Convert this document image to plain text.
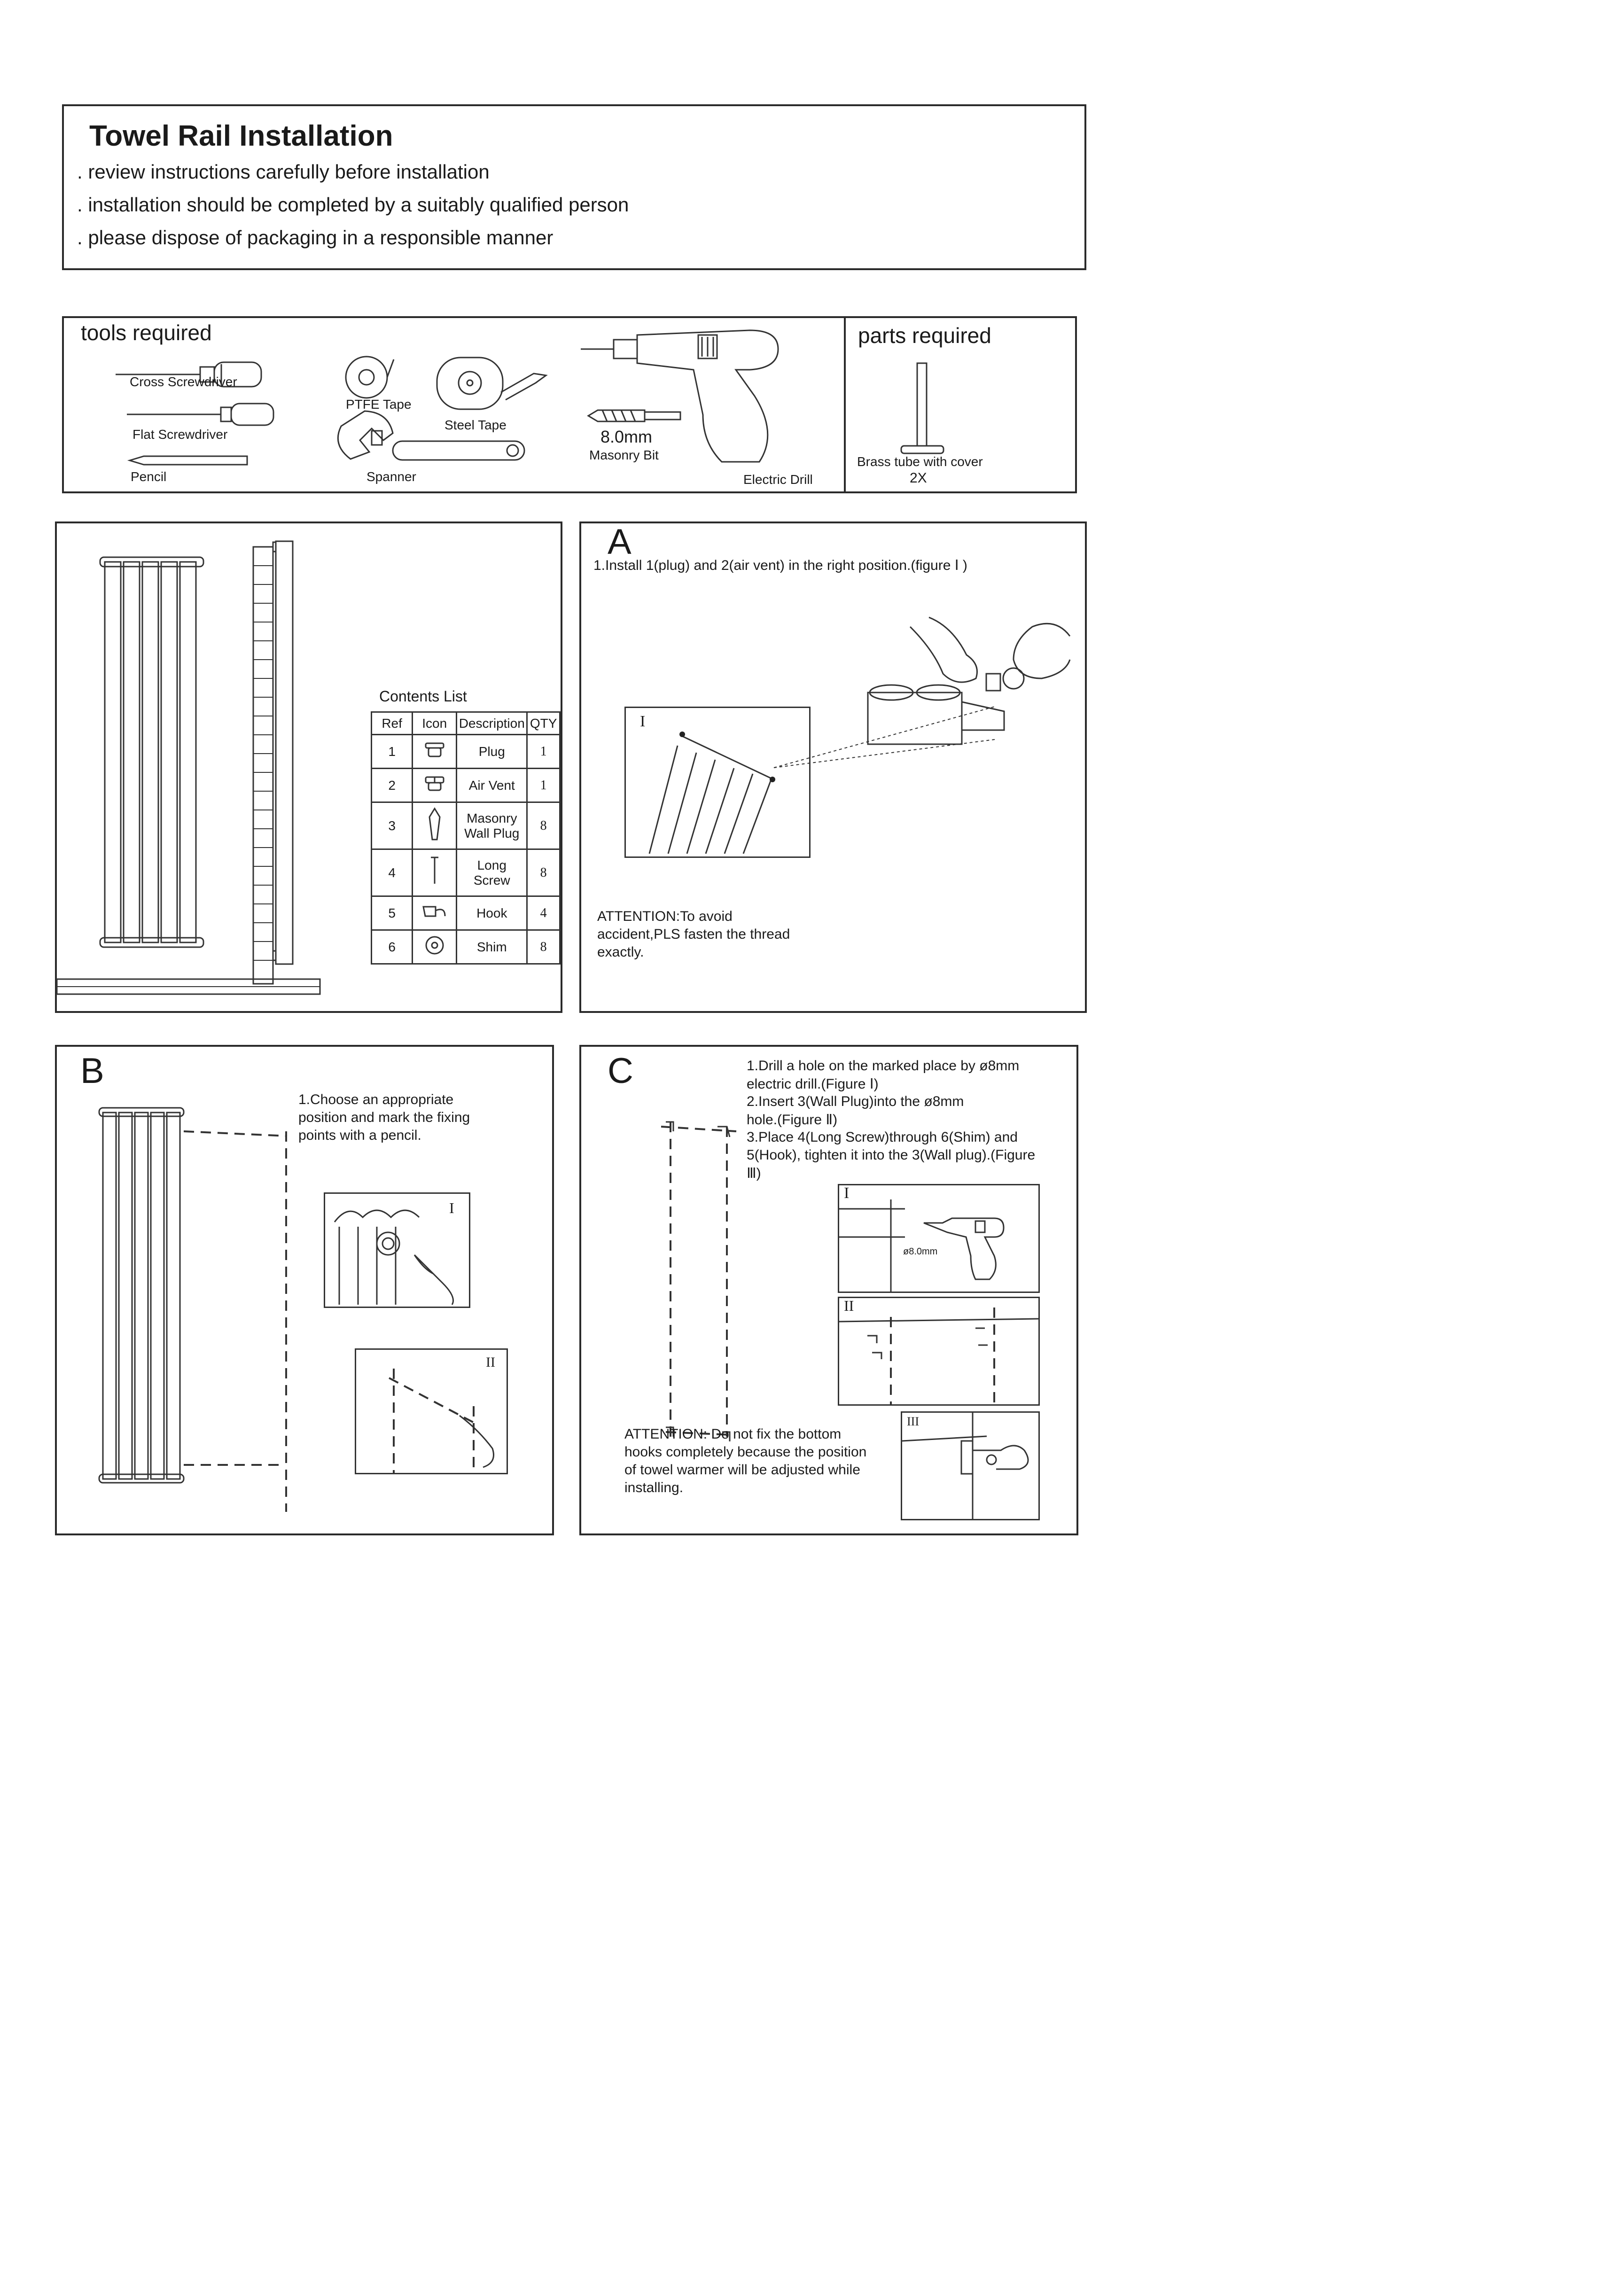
Towel Rail Installation
. review instructions carefully before installation
. installation should be completed by a suitably qualified person
. please dispose of packaging in a responsible manner
tools required
Cross Screwdriver
Flat Screwdriver
Pencil
PTFE Tape
Spanner
Steel Tape
8.0mm
Masonry Bit
Electric Drill
parts required
Brass tube with cover
2X
Contents List
Ref	Icon	Description	QTY
1		Plug	1
2		Air Vent	1
3		Masonry Wall Plug	8
4		Long Screw	8
5		Hook	4
6		Shim	8
A
1.Install 1(plug) and 2(air vent) in the right position.(figure Ⅰ )
I
ATTENTION:To avoid
accident,PLS fasten the thread
exactly.
B
1.Choose an appropriate
position and mark the fixing
points with a pencil.
I
II
C	1.Drill a hole on the marked place by ø8mm
electric drill.(Figure Ⅰ)
2.Insert 3(Wall Plug)into the ø8mm
hole.(Figure Ⅱ)
3.Place 4(Long Screw)through 6(Shim) and
5(Hook), tighten it into the 3(Wall plug).(Figure
Ⅲ)
I
ø8.0mm
II
III
ATTENTION: Do not fix the bottom
hooks completely because the position
of towel warmer will be adjusted while
installing.
